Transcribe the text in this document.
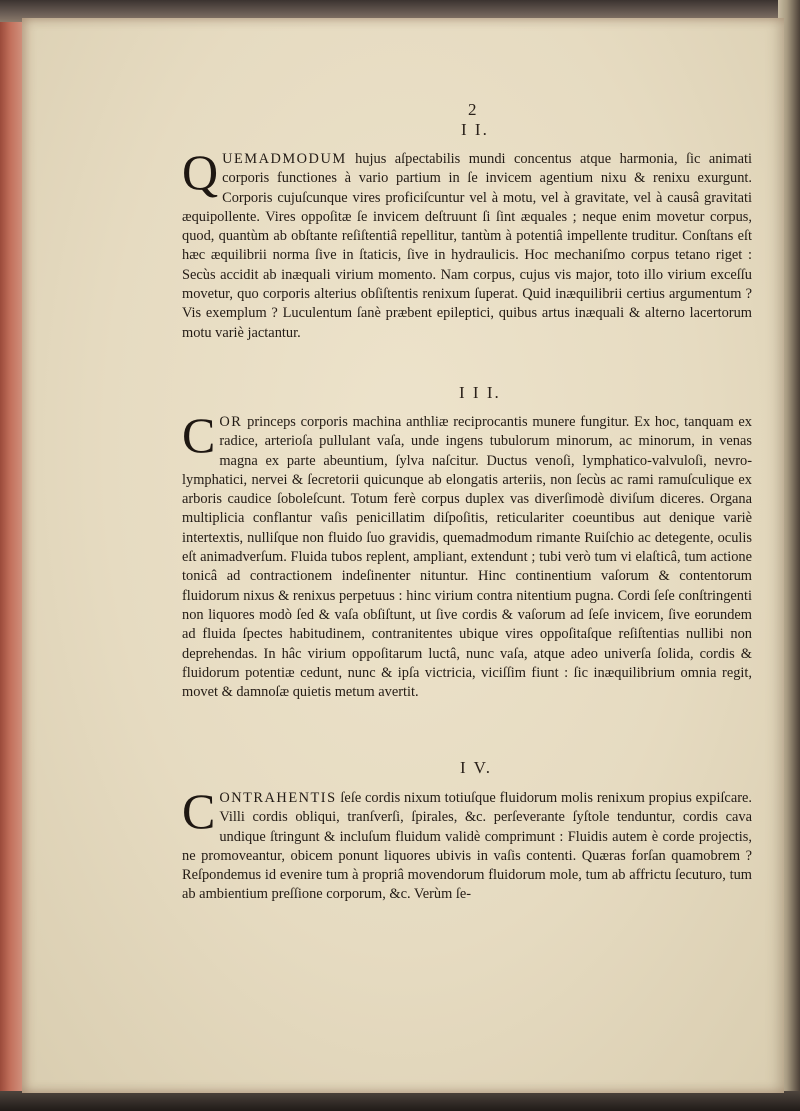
2
I I.

QUEMADMODUM hujus aſpectabilis mundi concentus atque harmonia, ſic animati corporis functiones à vario partium in ſe invicem agentium nixu & renixu exurgunt. Corporis cujuſcunque vires proficiſcuntur vel à motu, vel à gravitate, vel à causâ gravitati æquipollente. Vires oppoſitæ ſe invicem deſtruunt ſi ſint æquales ; neque enim movetur corpus, quod, quantùm ab obſtante reſiſtentiâ repellitur, tantùm à potentiâ impellente truditur. Conſtans eſt hæc æquilibrii norma ſive in ſtaticis, ſive in hydraulicis. Hoc mechaniſmo corpus tetano riget : Secùs accidit ab inæquali virium momento. Nam corpus, cujus vis major, toto illo virium exceſſu movetur, quo corporis alterius obſiſtentis renixum ſuperat. Quid inæquilibrii certius argumentum ? Vis exemplum ? Luculentum ſanè præbent epileptici, quibus artus inæquali & alterno lacertorum motu variè jactantur.

I I I.

COR princeps corporis machina anthliæ reciprocantis munere fungitur. Ex hoc, tanquam ex radice, arterioſa pullulant vaſa, unde ingens tubulorum minorum, ac minorum, in venas magna ex parte abeuntium, ſylva naſcitur. Ductus venoſi, lymphatico-valvuloſi, nevro-lymphatici, nervei & ſecretorii quicunque ab elongatis arteriis, non ſecùs ac rami ramuſculique ex arboris caudice ſoboleſcunt. Totum ferè corpus duplex vas diverſimodè diviſum diceres. Organa multiplicia conflantur vaſis penicillatim diſpoſitis, reticulariter coeuntibus aut denique variè intertextis, nulliſque non fluido ſuo gravidis, quemadmodum rimante Ruiſchio ac detegente, oculis eſt animadverſum. Fluida tubos replent, ampliant, extendunt ; tubi verò tum vi elaſticâ, tum actione tonicâ ad contractionem indeſinenter nituntur. Hinc continentium vaſorum & contentorum fluidorum nixus & renixus perpetuus : hinc virium contra nitentium pugna. Cordi ſeſe conſtringenti non liquores modò ſed & vaſa obſiſtunt, ut ſive cordis & vaſorum ad ſeſe invicem, ſive eorundem ad fluida ſpectes habitudinem, contranitentes ubique vires oppoſitaſque reſiſtentias nullibi non deprehendas. In hâc virium oppoſitarum luctâ, nunc vaſa, atque adeo univerſa ſolida, cordis & fluidorum potentiæ cedunt, nunc & ipſa victricia, viciſſim fiunt : ſic inæquilibrium omnia regit, movet & damnoſæ quietis metum avertit.

I V.

CONTRAHENTIS ſeſe cordis nixum totiuſque fluidorum molis renixum propius expiſcare. Villi cordis obliqui, tranſverſi, ſpirales, &c. perſeverante ſyſtole tenduntur, cordis cava undique ſtringunt & incluſum fluidum validè comprimunt : Fluidis autem è corde projectis, ne promoveantur, obicem ponunt liquores ubivis in vaſis contenti. Quæras forſan quamobrem ? Reſpondemus id evenire tum à propriâ movendorum fluidorum mole, tum ab affrictu ſecuturo, tum ab ambientium preſſione corporum, &c. Verùm ſe-
